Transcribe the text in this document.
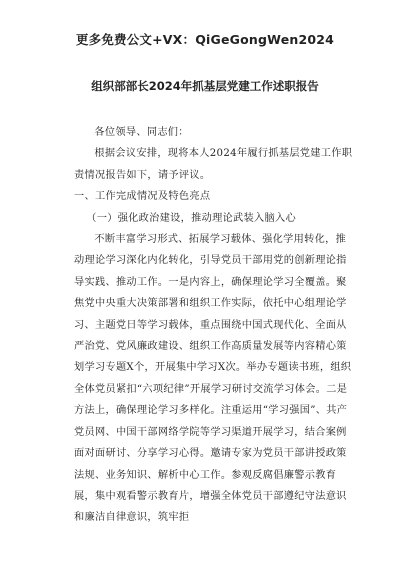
更多免费公文+VX：QiGeGongWen2024
组织部部长2024年抓基层党建工作述职报告

各位领导、同志们：

根据会议安排，现将本人2024年履行抓基层党建工作职责情况报告如下，请予评议。

一、工作完成情况及特色亮点

（一）强化政治建设，推动理论武装入脑入心

不断丰富学习形式、拓展学习载体、强化学用转化，推动理论学习深化内化转化，引导党员干部用党的创新理论指导实践、推动工作。一是内容上，确保理论学习全覆盖。聚焦党中央重大决策部署和组织工作实际，依托中心组理论学习、主题党日等学习载体，重点围绕中国式现代化、全面从严治党、党风廉政建设、组织工作高质量发展等内容精心策划学习专题X个，开展集中学习X次。举办专题读书班，组织全体党员紧扣“六项纪律”开展学习研讨交流学习体会。二是方法上，确保理论学习多样化。注重运用“学习强国”、共产党员网、中国干部网络学院等学习渠道开展学习，结合案例面对面研讨、分享学习心得。邀请专家为党员干部讲授政策法规、业务知识、解析中心工作。参观反腐倡廉警示教育展，集中观看警示教育片，增强全体党员干部遵纪守法意识和廉洁自律意识，筑牢拒
